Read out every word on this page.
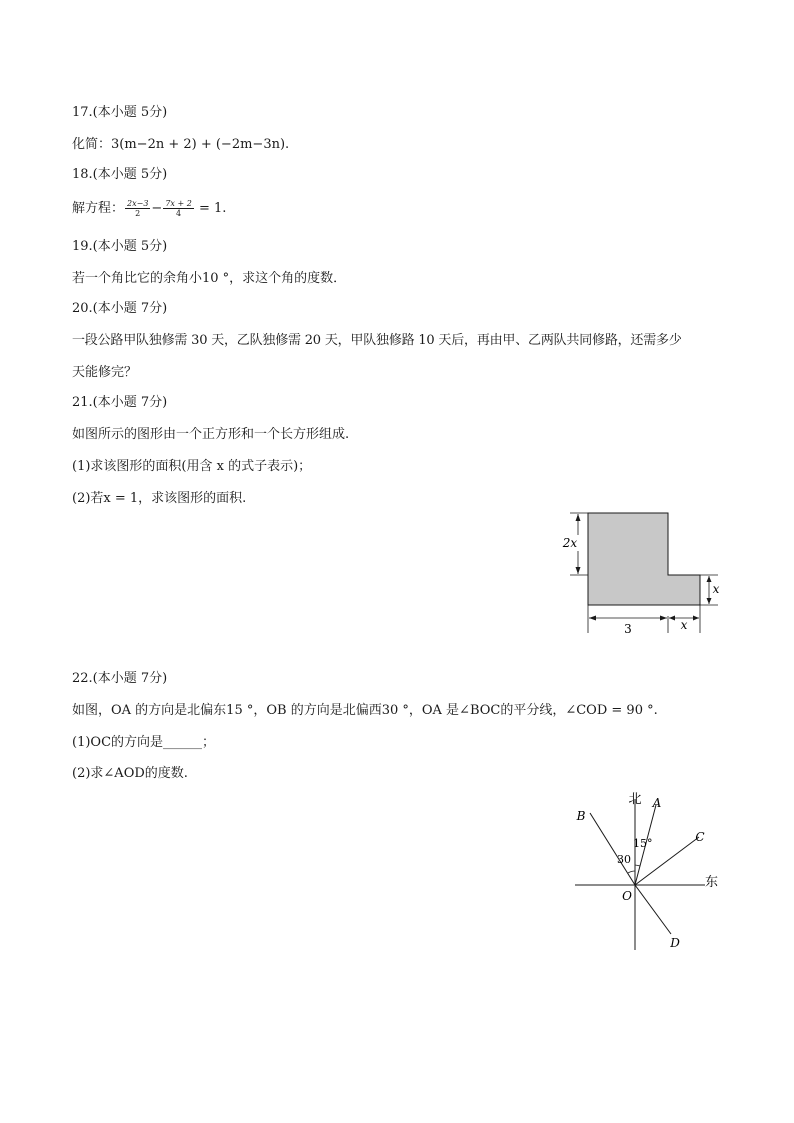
17.(本小题 5分)
化简：3(m−2n + 2) + (−2m−3n).
18.(本小题 5分)
解方程： $\frac{2x-3}{2} - \frac{7x + 2}{4} = 1$.
19.(本小题 5分)
若一个角比它的余角小10 °，求这个角的度数．
20.(本小题 7分)
一段公路甲队独修需 30 天，乙队独修需 20 天，甲队独修路 10 天后，再由甲、乙两队共同修路，还需多少
天能修完？
21.(本小题 7分)
如图所示的图形由一个正方形和一个长方形组成.
(1)求该图形的面积(用含 x 的式子表示)；
(2)若x = 1，求该图形的面积.
2x
x
3	x
22.(本小题 7分)
如图，OA 的方向是北偏东15 °，OB 的方向是北偏西30 °，OA 是∠BOC的平分线，∠COD = 90 °.
(1)OC的方向是______；
(2)求∠AOD的度数.
北
东
A
B
C
D
O
15°
30
